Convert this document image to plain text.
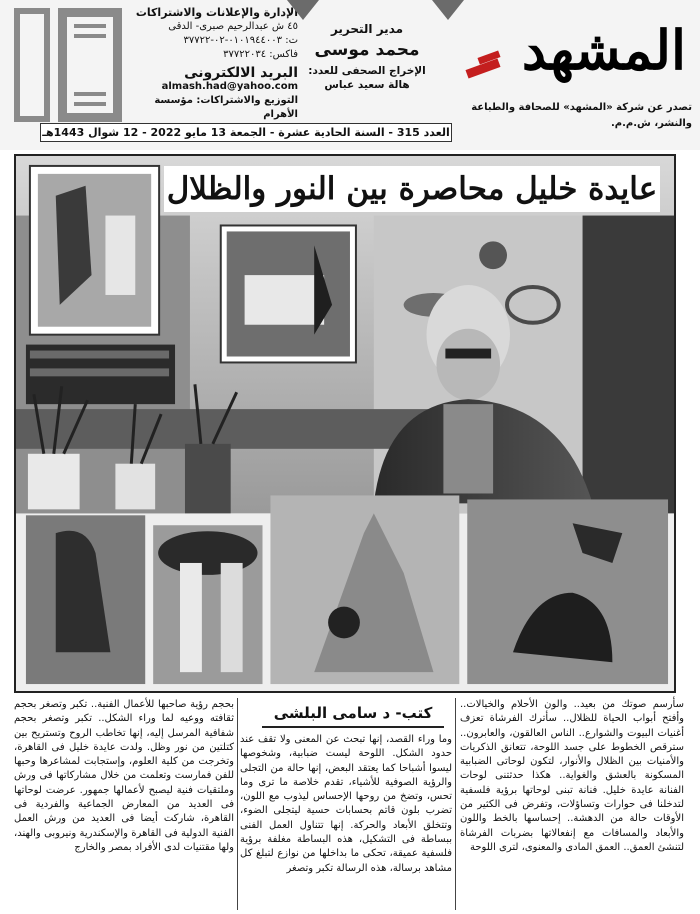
الإدارة والإعلانات والاشتراكات
٤٥ ش عبدالرحيم صبرى- الدقى
ت: ٠١٠١٩٤٤٠٠٣-٠٢-٣٧٧٢٢
فاكس: ٣٧٧٢٢٠٣٤
البريد الالكترونى
almash.had@yahoo.com
التوزيع والاشتراكات: مؤسسة الأهرام
مدير التحرير
محمد موسى
الإخراج الصحفى للعدد:
هالة سعيد عباس
المشهد
تصدر عن شركة «المشهد» للصحافة والطباعة والنشر، ش.م.م.
العدد 315 - السنة الحادية عشرة - الجمعة 13 مايو 2022 - 12 شوال 1443هـ
عايدة خليل محاصرة بين النور والظلال
سأرسم صوتك من بعيد.. والون الأحلام والخيالات.. وأفتح أبواب الحياة للظلال.. سأترك الفرشاة تعزف أغنيات البيوت والشوارع.. الناس العالقون، والعابرون.. سترقص الخطوط على جسد اللوحة، تتعانق الذكريات والأمنيات بين الظلال والأنوار، لتكون لوحاتى الضبابية المسكونة بالعشق والغواية.. هكذا حدثتنى لوحات الفنانة عايدة خليل. فنانة تبنى لوحاتها برؤية فلسفية لتدخلنا فى حوارات وتساؤلات، وتفرض فى الكثير من الأوقات حالة من الدهشة.. إحساسها بالخط واللون والأبعاد والمسافات مع إنفعالاتها بضربات الفرشاة لتنشئ العمق.. العمق المادى والمعنوى، لترى اللوحة
كتب- د سامى البلشى
وما وراء القصد، إنها تبحث عن المعنى ولا تقف عند حدود الشكل. اللوحة ليست ضبابية، وشخوصها ليسوا أشباحا كما يعتقد البعض، إنها حالة من التجلى والرؤية الصوفية للأشياء، تقدم خلاصة ما ترى وما تحس، وتضخ من روحها الإحساس ليذوب مع اللون، تضرب بلون قاتم بحسابات حسية ليتجلى الضوء، وتتخلق الأبعاد والحركة. إنها تتناول العمل الفنى ببساطة فى التشكيل، هذه البساطة مغلفة برؤية فلسفية عميقة، تحكى ما بداخلها من نوازع لتبلغ كل مشاهد برسالة، هذه الرسالة تكبر وتصغر
بحجم رؤية صاحبها للأعمال الفنية.. تكبر وتصغر بحجم ثقافته ووعيه لما وراء الشكل.. تكبر وتصغر بحجم شفافية المرسل إليه، إنها تخاطب الروح وتستريح بين كتلتين من نور وظل. ولدت عايدة خليل فى القاهرة، وتخرجت من كلية العلوم، وإستجابت لمشاعرها وحبها للفن فمارست وتعلمت من خلال مشاركاتها فى ورش وملتقيات فنية ليصبح لأعمالها جمهور. عرضت لوحاتها فى العديد من المعارض الجماعية والفردية فى القاهرة، شاركت أيضا فى العديد من ورش العمل الفنية الدولية فى القاهرة والإسكندرية ونيروبى والهند، ولها مقتنيات لدى الأفراد بمصر والخارج
